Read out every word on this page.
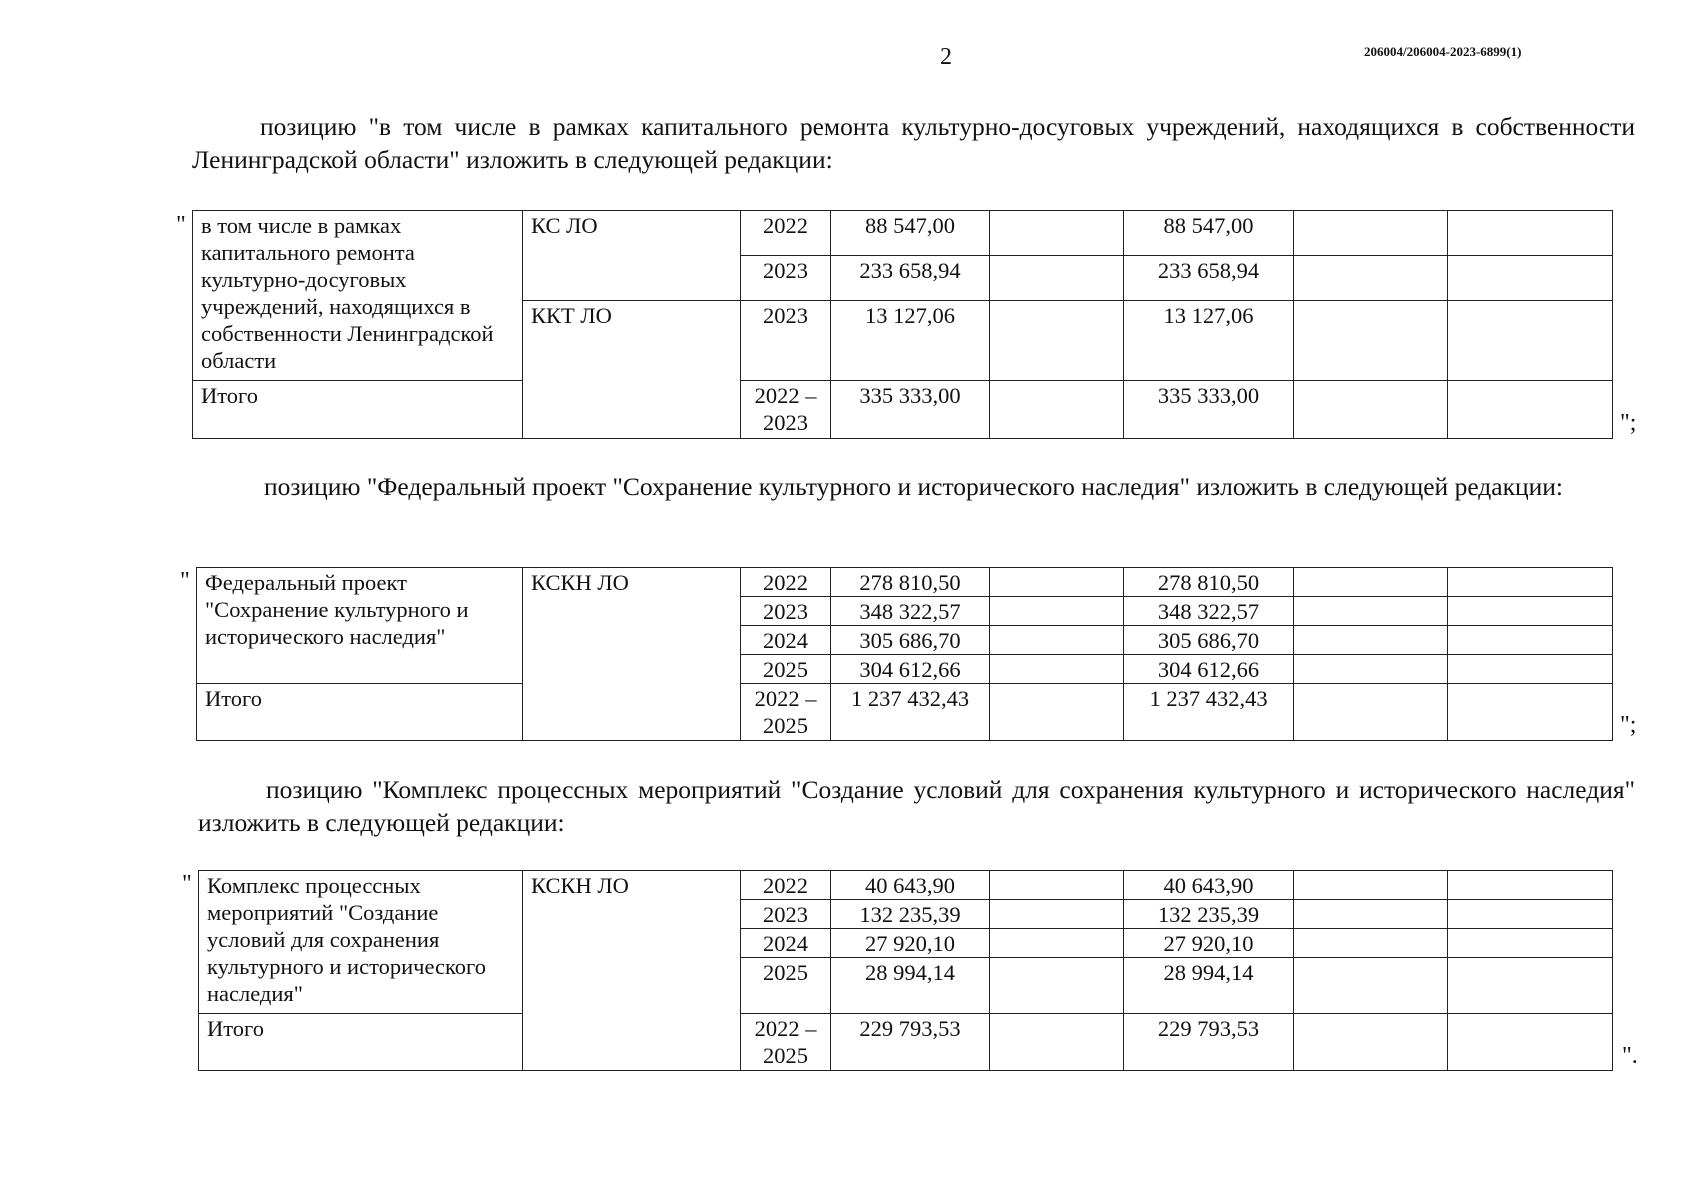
2	206004/206004-2023-6899(1)
позицию "в том числе в рамках капитального ремонта культурно-досуговых учреждений, находящихся в собственности Ленинградской области" изложить в следующей редакции:
" в том числе в рамках капитального ремонта культурно-досуговых учреждений, находящихся в собственности Ленинградской области	КС ЛО	2022	88 547,00		88 547,00		
		2023	233 658,94		233 658,94		
	ККТ ЛО	2023	13 127,06		13 127,06		
Итого		2022 – 2023	335 333,00		335 333,00		
";
позицию "Федеральный проект "Сохранение культурного и исторического наследия" изложить в следующей редакции:
" Федеральный проект "Сохранение культурного и исторического наследия"	КСКН ЛО	2022	278 810,50		278 810,50		
		2023	348 322,57		348 322,57		
		2024	305 686,70		305 686,70		
		2025	304 612,66		304 612,66		
Итого		2022 – 2025	1 237 432,43		1 237 432,43		
";
позицию "Комплекс процессных мероприятий "Создание условий для сохранения культурного и исторического наследия" изложить в следующей редакции:
" Комплекс процессных мероприятий "Создание условий для сохранения культурного и исторического наследия"	КСКН ЛО	2022	40 643,90		40 643,90		
		2023	132 235,39		132 235,39		
		2024	27 920,10		27 920,10		
		2025	28 994,14		28 994,14		
Итого		2022 – 2025	229 793,53		229 793,53		
".
